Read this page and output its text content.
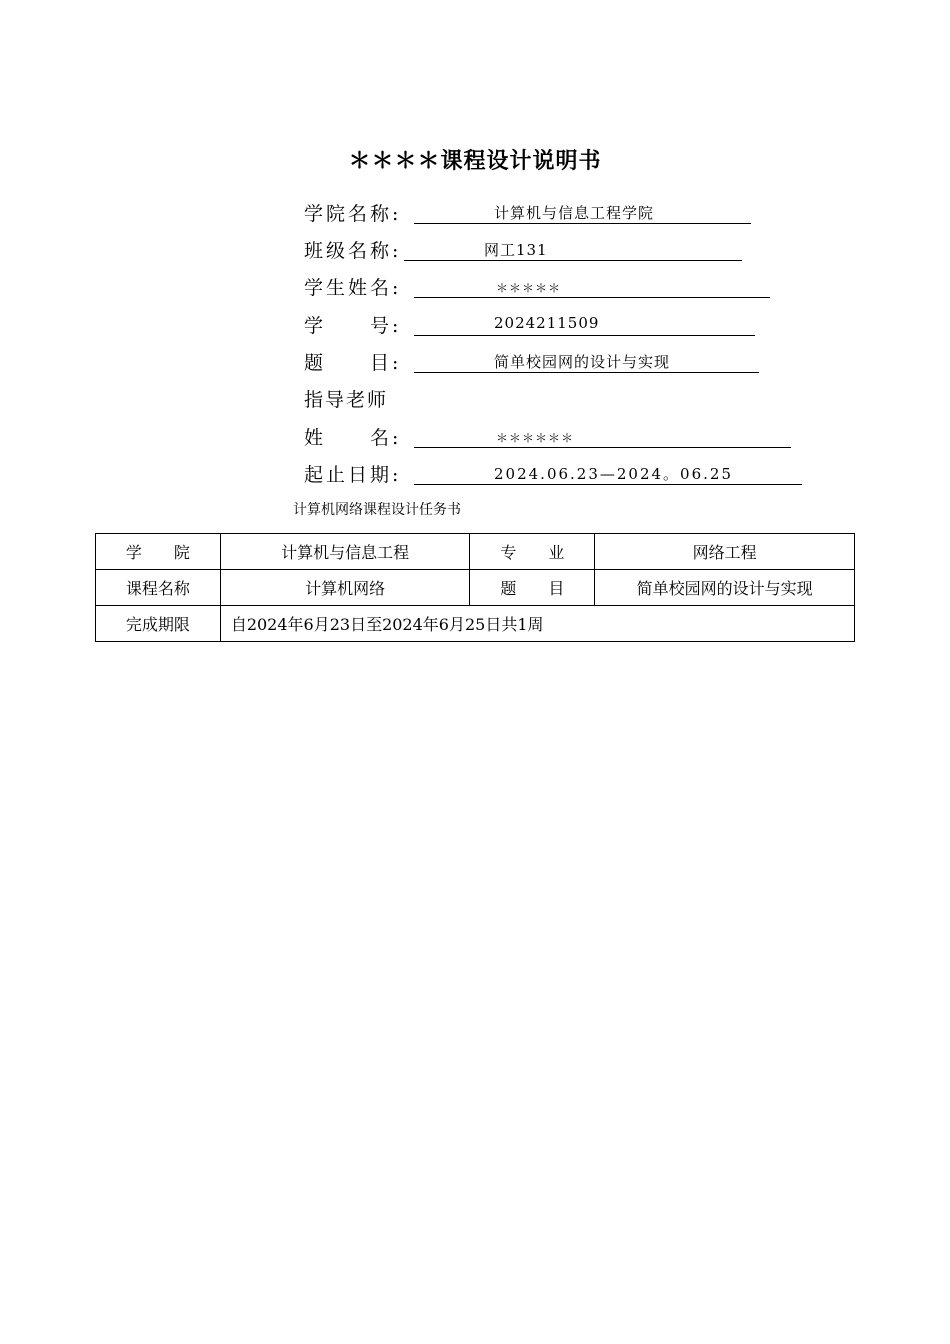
＊＊＊＊课程设计说明书
学院名称:	计算机与信息工程学院
班级名称:	网工131
学生姓名:	＊＊＊＊＊
学　　号:	2024211509
题　　目:	简单校园网的设计与实现
指导老师
姓　　名:	＊＊＊＊＊＊
起止日期:	2024.06.23—2024。06.25
计算机网络课程设计任务书
学　　院	计算机与信息工程	专　　业	网络工程
课程名称	计算机网络	题　　目	简单校园网的设计与实现
完成期限	自2024年6月23日至2024年6月25日共1周		
